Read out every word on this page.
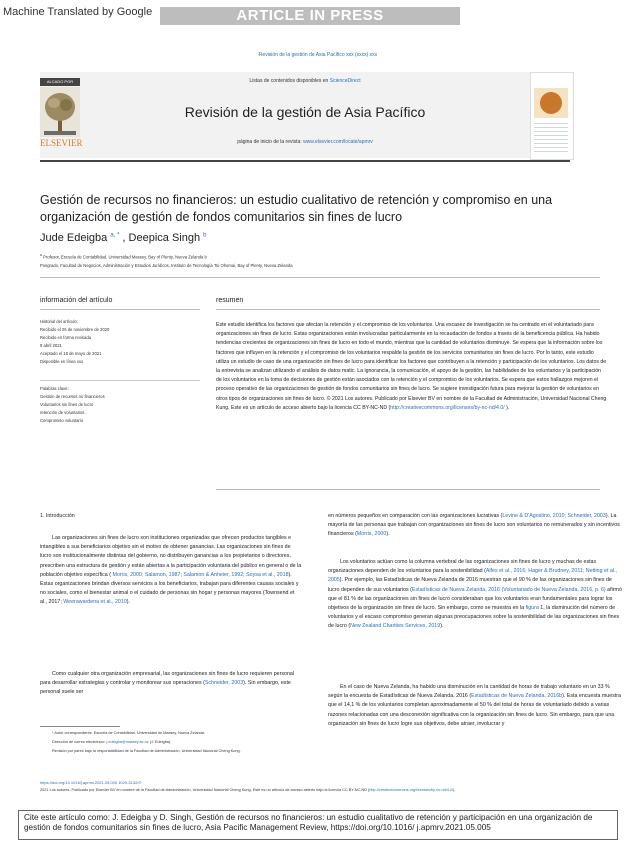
Machine Translated by Google	ARTICLE IN PRESS
Revisión de la gestión de Asia Pacífico xxx (xxxx) xxx
ALCADO POR
ELSEVIER
Listas de contenidos disponibles en ScienceDirect
Revisión de la gestión de Asia Pacífico
página de inicio de la revista: www.elsevier.com/locate/apmrv
Gestión de recursos no financieros: un estudio cualitativo de retención y compromiso en una organización de gestión de fondos comunitarios sin fines de lucro
Jude Edeigba $^{a, *}$ , Deepica Singh $^b$
$^a$ Profesor, Escuela de Contabilidad, Universidad Massey, Bay of Plenty, Nueva Zelanda b
Posgrado, Facultad de Negocios, Administración y Estudios Jurídicos, Instituto de Tecnología Toi Ohomai, Bay of Plenty, Nueva Zelanda
información del artículo	resumen
Historial del artículo:
Recibido el 26 de noviembre de 2020
Recibido en forma revisada
9 abril 2021
Aceptado el 18 de mayo de 2021
Disponible en línea xxx
Palabras clave:
Gestión de recursos no financieros
Voluntarios sin fines de lucro
retención de voluntarios
Compromiso voluntario
Este estudio identifica los factores que afectan la retención y el compromiso de los voluntarios. Una escasez de investigación se ha centrado en el voluntariado para organizaciones sin fines de lucro. Estas organizaciones están involucradas particularmente en la recaudación de fondos a través de la beneficencia pública. Ha habido tendencias crecientes de organizaciones sin fines de lucro en todo el mundo, mientras que la cantidad de voluntarios disminuye. Se espera que la información sobre los factores que influyen en la retención y el compromiso de los voluntarios respalde la gestión de los servicios comunitarios sin fines de lucro. Por lo tanto, este estudio utiliza un estudio de caso de una organización sin fines de lucro para identificar los factores que contribuyen a la retención y participación de los voluntarios. Los datos de la entrevista se analizan utilizando el análisis de datos matic. La ignorancia, la comunicación, el apoyo de la gestión, las habilidades de los voluntarios y la participación de los voluntarios en la toma de decisiones de gestión están asociados con la retención y el compromiso de los voluntarios. Se espera que estos hallazgos mejoren el proceso operativo de las organizaciones de gestión de fondos comunitarios sin fines de lucro. Se sugiere investigación futura para mejorar la gestión de voluntarios en otros tipos de organizaciones sin fines de lucro. © 2021 Los autores. Publicado por Elsevier BV en nombre de la Facultad de Administración, Universidad Nacional Cheng Kung. Este es un artículo de acceso abierto bajo la licencia CC BY-NC-ND (http://creativecommons.org/licenses/by-nc-nd/4.0/ ).
1. Introducción
Las organizaciones sin fines de lucro son instituciones organizadas que ofrecen productos tangibles e intangibles a sus beneficiarios objetivo sin el motivo de obtener ganancias. Las organizaciones sin fines de lucro son institucionalmente distintas del gobierno, no distribuyen ganancias a los propietarios o directores, prescriben una estructura de gestión y están abiertas a la participación voluntaria del público en general o de la población objetivo específica ( Morris, 2000; Salamon, 1987; Salamon & Anheier, 1992; Soysa et al., 2018). Estas organizaciones brindan diversos servicios a los beneficiarios, trabajan para diferentes causas sociales y no sociales, como el bienestar animal o el cuidado de personas sin hogar y personas mayores (Townsend et al., 2017; Weerawardena et al., 2010).
Como cualquier otra organización empresarial, las organizaciones sin fines de lucro requieren personal para desarrollar estrategias y controlar y monitorear sus operaciones (Schneider, 2003). Sin embargo, este personal suele ser
* Autor correspondiente. Escuela de Contabilidad, Universidad de Massey, Nueva Zelanda.
Dirección de correo electrónico: j.edeigba@massey.ac.nz (J. Edeigba).
Revisión por pares bajo la responsabilidad de la Facultad de Administración, Universidad Nacional Cheng Kung.
en números pequeños en comparación con las organizaciones lucrativas (Levine & D'Agostino, 2010; Schneider, 2003). La mayoría de las personas que trabajan con organizaciones sin fines de lucro son voluntarios no remunerados y sin incentivos financieros (Morris, 2000).
Los voluntarios actúan como la columna vertebral de las organizaciones sin fines de lucro y muchas de estas organizaciones dependen de los voluntarios para la sostenibilidad (Alfes et al., 2016; Hager & Brudney, 2011; Netting et al., 2005). Por ejemplo, las Estadísticas de Nueva Zelanda de 2016 muestran que el 90 % de las organizaciones sin fines de lucro dependen de sus voluntarios (Estadísticas de Nueva Zelanda, 2016 (Voluntariado de Nueva Zelanda, 2016, p. 6) afirmó que el 81 % de las organizaciones sin fines de lucro consideraban que los voluntarios eran fundamentales para lograr los objetivos de la organización sin fines de lucro. Sin embargo, como se muestra en la figura 1, la disminución del número de voluntarios y el escaso compromiso generan algunas preocupaciones sobre la sostenibilidad de las organizaciones sin fines de lucro (New Zealand Charities Services, 2019).
En el caso de Nueva Zelanda, ha habido una disminución en la cantidad de horas de trabajo voluntario en un 33 % según la encuesta de Estadísticas de Nueva Zelanda, 2016 (Estadísticas de Nueva Zelanda, 2016b). Esta encuesta muestra que el 14,1 % de los voluntarios completan aproximadamente el 50 % del total de horas de voluntariado debido a varias razones relacionadas con una desconexión significativa con la organización sin fines de lucro. Sin embargo, para que una organización sin fines de lucro logre sus objetivos, debe atraer, involucrar y
https://doi.org/10.1016/j.apmrv.2021.05.005 1029-3132/©
2021 Los autores. Publicado por Elsevier BV en nombre de la Facultad de Administración, Universidad Nacional Cheng Kung. Este es un artículo de acceso abierto bajo la licencia CC BY-NC-ND (http://creativecommons.org/licenses/by-nc-nd/4.0/).
Cite este artículo como: J. Edeigba y D. Singh, Gestión de recursos no financieros: un estudio cualitativo de retención y participación en una organización de gestión de fondos comunitarios sin fines de lucro, Asia Pacific Management Review, https://doi.org/10.1016/ j.apmrv.2021.05.005
